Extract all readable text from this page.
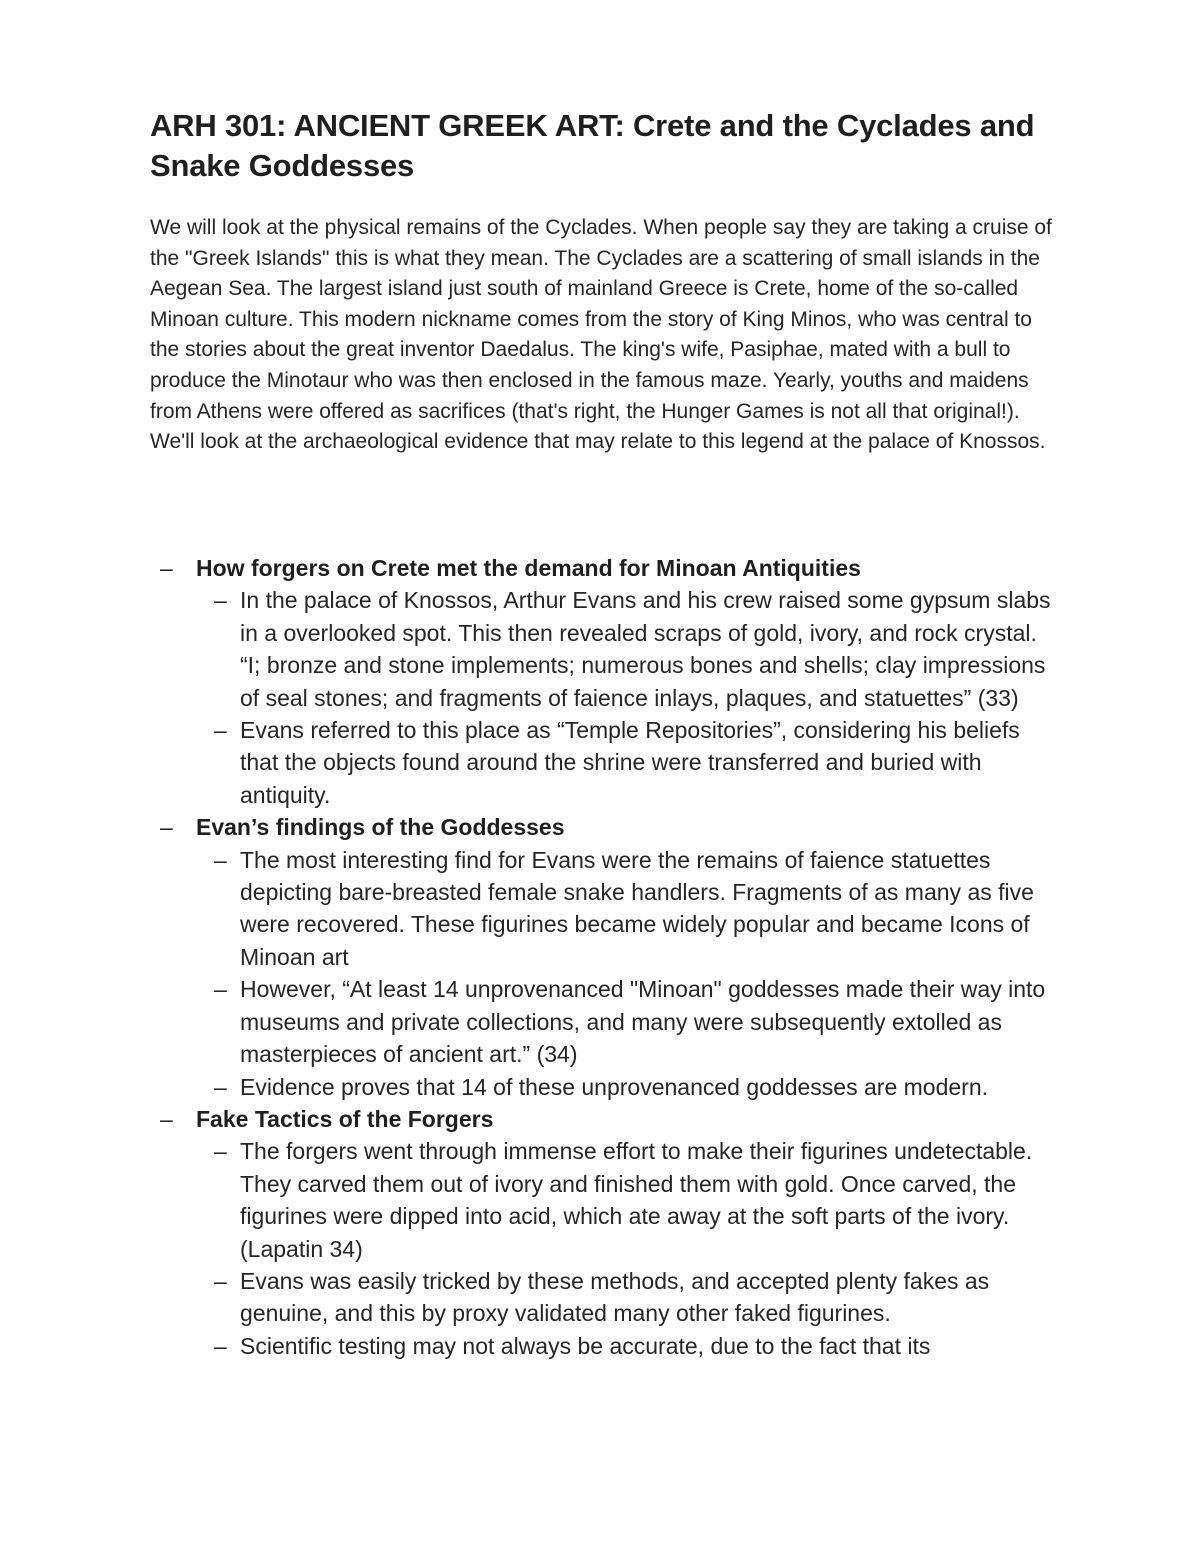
ARH 301: ANCIENT GREEK ART: Crete and the Cyclades and Snake Goddesses

We will look at the physical remains of the Cyclades. When people say they are taking a cruise of the "Greek Islands" this is what they mean. The Cyclades are a scattering of small islands in the Aegean Sea. The largest island just south of mainland Greece is Crete, home of the so-called Minoan culture. This modern nickname comes from the story of King Minos, who was central to the stories about the great inventor Daedalus. The king's wife, Pasiphae, mated with a bull to produce the Minotaur who was then enclosed in the famous maze. Yearly, youths and maidens from Athens were offered as sacrifices (that's right, the Hunger Games is not all that original!). We'll look at the archaeological evidence that may relate to this legend at the palace of Knossos.

–	How forgers on Crete met the demand for Minoan Antiquities
– In the palace of Knossos, Arthur Evans and his crew raised some gypsum slabs in a overlooked spot. This then revealed scraps of gold, ivory, and rock crystal. “I; bronze and stone implements; numerous bones and shells; clay impressions of seal stones; and fragments of faience inlays, plaques, and statuettes” (33)
– Evans referred to this place as “Temple Repositories”, considering his beliefs that the objects found around the shrine were transferred and buried with antiquity.
–	Evan’s findings of the Goddesses
– The most interesting find for Evans were the remains of faience statuettes depicting bare-breasted female snake handlers. Fragments of as many as five were recovered. These figurines became widely popular and became Icons of Minoan art
– However, “At least 14 unprovenanced "Minoan" goddesses made their way into museums and private collections, and many were subsequently extolled as masterpieces of ancient art.” (34)
– Evidence proves that 14 of these unprovenanced goddesses are modern.
–	Fake Tactics of the Forgers
– The forgers went through immense effort to make their figurines undetectable. They carved them out of ivory and finished them with gold. Once carved, the figurines were dipped into acid, which ate away at the soft parts of the ivory. (Lapatin 34)
– Evans was easily tricked by these methods, and accepted plenty fakes as genuine, and this by proxy validated many other faked figurines.
– Scientific testing may not always be accurate, due to the fact that its
